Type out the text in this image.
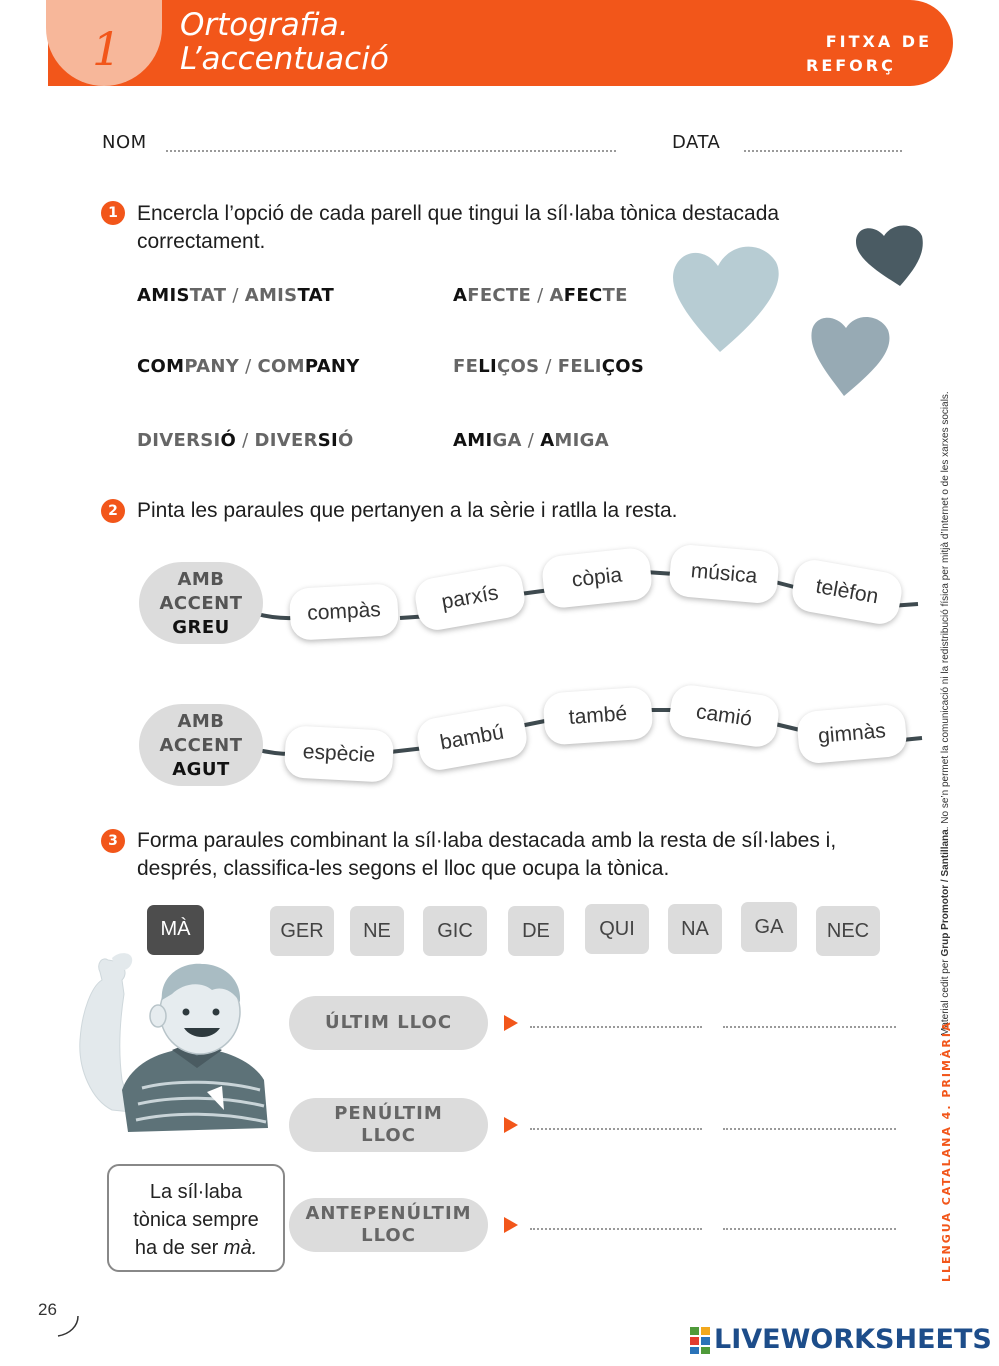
1 Ortografia.
L’accentuació	FITXA DE
REFORÇ
NOM	DATA
1 Encercla l’opció de cada parell que tingui la síl·laba tònica destacada correctament.
AMISTAT / AMISTAT	AFECTE / AFECTE
COMPANY / COMPANY	FELIÇOS / FELIÇOS
DIVERSIÓ / DIVERSIÓ	AMIGA / AMIGA
2 Pinta les paraules que pertanyen a la sèrie i ratlla la resta.
AMB
ACCENT
GREU
AMB
ACCENT
AGUT
compàs	parxís
còpia	música
telèfon
espècie	bambú
també	camió
gimnàs
3 Forma paraules combinant la síl·laba destacada amb la resta de síl·labes i,
després, classifica-les segons el lloc que ocupa la tònica.
MÀ	GER	NE	GIC	DE	QUI	NA	GA	NEC
ÚLTIM LLOC
PENÚLTIM LLOC
ANTEPENÚLTIM LLOC
La síl·laba
tònica sempre
ha de ser mà.
Material cedit per Grup Promotor / Santillana. No se’n permet la comunicació ni la redistribució física per mitjà d’Internet o de les xarxes socials.
LLENGUA CATALANA 4. PRIMÀRIA
26
LIVEWORKSHEETS
